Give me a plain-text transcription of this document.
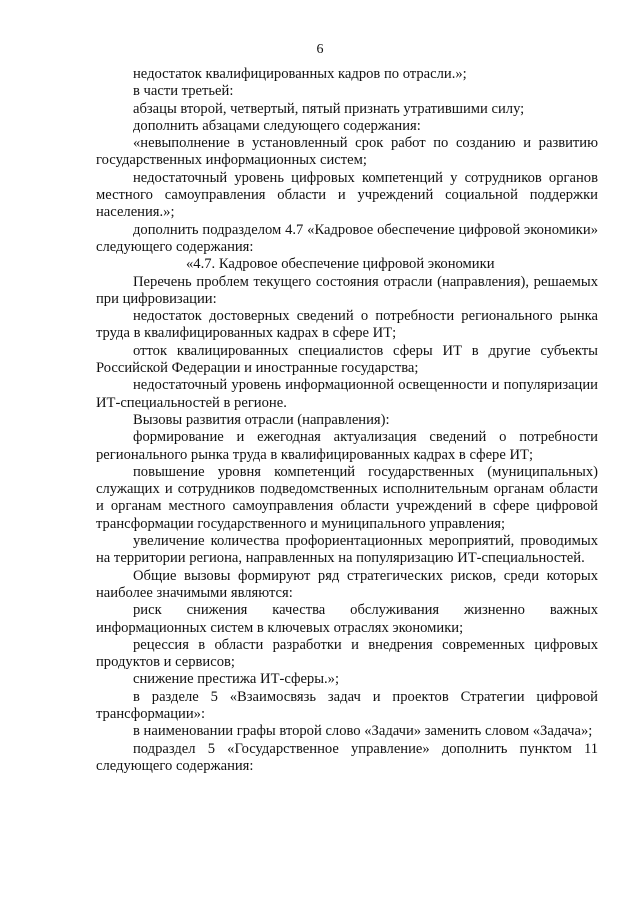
6

недостаток квалифицированных кадров по отрасли.»;

в части третьей:

абзацы второй, четвертый, пятый признать утратившими силу;

дополнить абзацами следующего содержания:

«невыполнение в установленный срок работ по созданию и развитию государственных информационных систем;

недостаточный уровень цифровых компетенций у сотрудников органов местного самоуправления области и учреждений социальной поддержки населения.»;

дополнить подразделом 4.7 «Кадровое обеспечение цифровой экономики» следующего содержания:

«4.7. Кадровое обеспечение цифровой экономики

Перечень проблем текущего состояния отрасли (направления), решаемых при цифровизации:

недостаток достоверных сведений о потребности регионального рынка труда в квалифицированных кадрах в сфере ИТ;

отток квалицированных специалистов сферы ИТ в другие субъекты Российской Федерации и иностранные государства;

недостаточный уровень информационной освещенности и популяризации ИТ-специальностей в регионе.

Вызовы развития отрасли (направления):

формирование и ежегодная актуализация сведений о потребности регионального рынка труда в квалифицированных кадрах в сфере ИТ;

повышение уровня компетенций государственных (муниципальных) служащих и сотрудников подведомственных исполнительным органам области и органам местного самоуправления области учреждений в сфере цифровой трансформации государственного и муниципального управления;

увеличение количества профориентационных мероприятий, проводимых на территории региона, направленных на популяризацию ИТ-специальностей.

Общие вызовы формируют ряд стратегических рисков, среди которых наиболее значимыми являются:

риск снижения качества обслуживания жизненно важных информационных систем в ключевых отраслях экономики;

рецессия в области разработки и внедрения современных цифровых продуктов и сервисов;

снижение престижа ИТ-сферы.»;

в разделе 5 «Взаимосвязь задач и проектов Стратегии цифровой трансформации»:

в наименовании графы второй слово «Задачи» заменить словом «Задача»;

подраздел 5 «Государственное управление» дополнить пунктом 11 следующего содержания:
